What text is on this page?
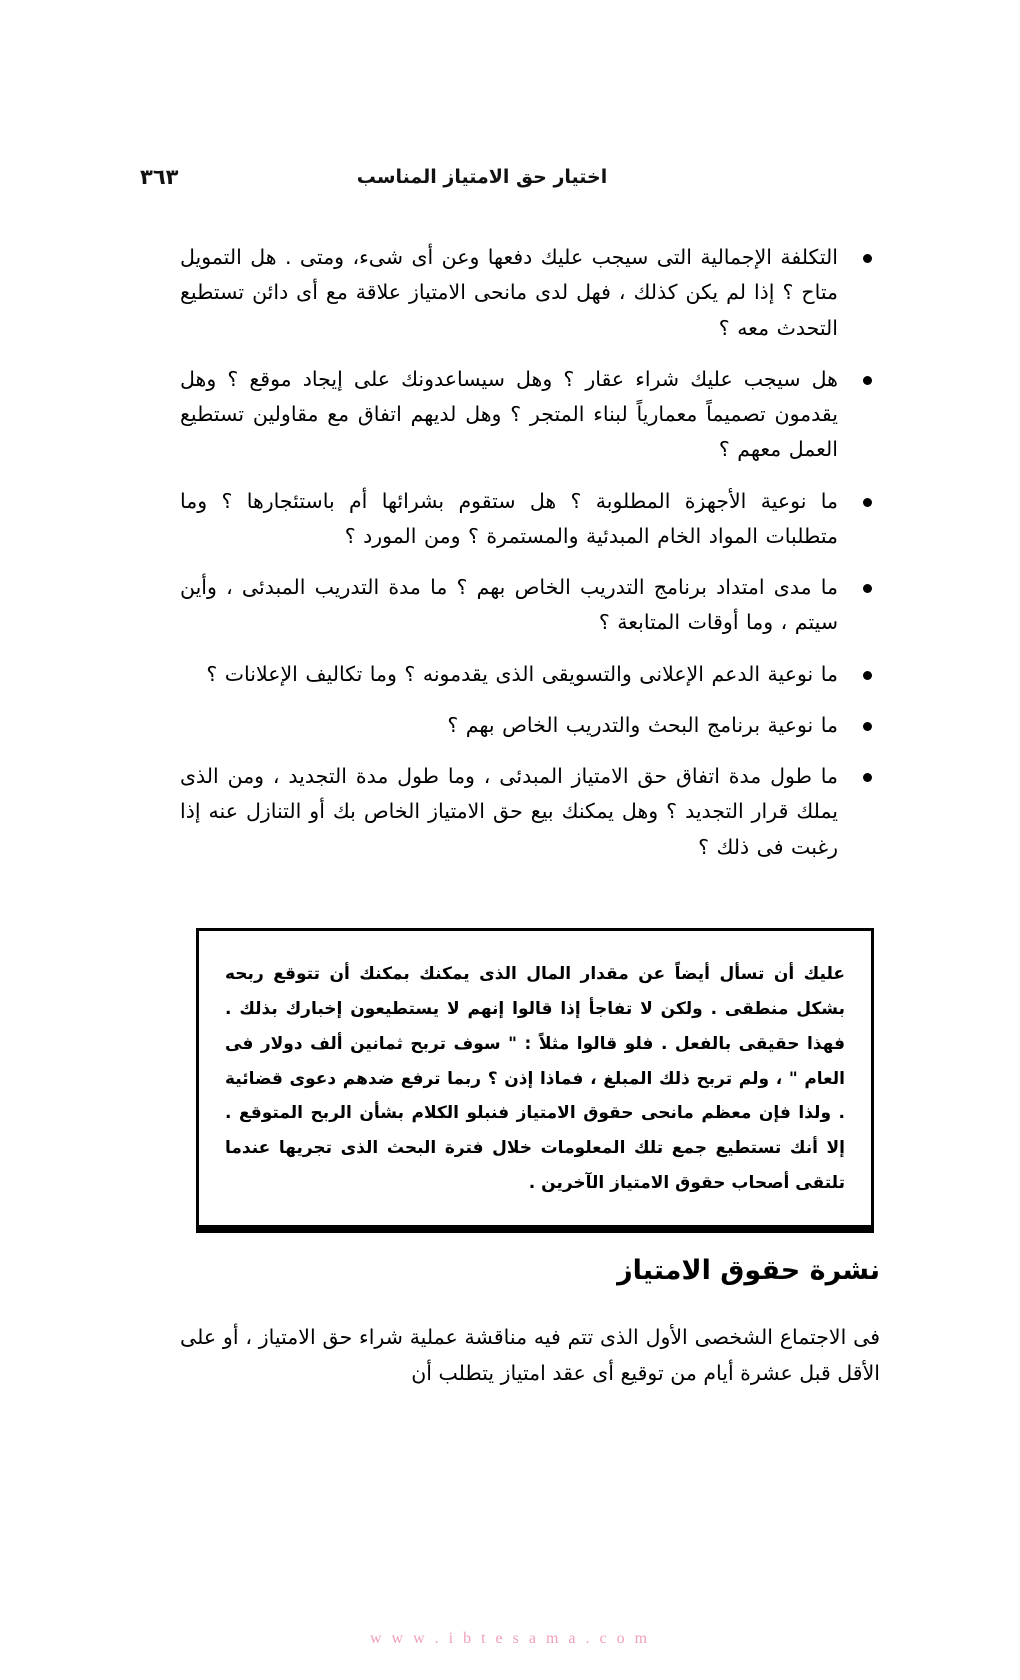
٣٦٣	اختيار حق الامتياز المناسب
التكلفة الإجمالية التى سيجب عليك دفعها وعن أى شىء، ومتى . هل التمويل متاح ؟ إذا لم يكن كذلك ، فهل لدى مانحى الامتياز علاقة مع أى دائن تستطيع التحدث معه ؟
هل سيجب عليك شراء عقار ؟ وهل سيساعدونك على إيجاد موقع ؟ وهل يقدمون تصميماً معمارياً لبناء المتجر ؟ وهل لديهم اتفاق مع مقاولين تستطيع العمل معهم ؟
ما نوعية الأجهزة المطلوبة ؟ هل ستقوم بشرائها أم باستئجارها ؟ وما متطلبات المواد الخام المبدئية والمستمرة ؟ ومن المورد ؟
ما مدى امتداد برنامج التدريب الخاص بهم ؟ ما مدة التدريب المبدئى ، وأين سيتم ، وما أوقات المتابعة ؟
ما نوعية الدعم الإعلانى والتسويقى الذى يقدمونه ؟ وما تكاليف الإعلانات ؟
ما نوعية برنامج البحث والتدريب الخاص بهم ؟
ما طول مدة اتفاق حق الامتياز المبدئى ، وما طول مدة التجديد ، ومن الذى يملك قرار التجديد ؟ وهل يمكنك بيع حق الامتياز الخاص بك أو التنازل عنه إذا رغبت فى ذلك ؟
عليك أن تسأل أيضاً عن مقدار المال الذى يمكنك بمكنك أن تتوقع ربحه بشكل منطقى . ولكن لا تفاجأ إذا قالوا إنهم لا يستطيعون إخبارك بذلك . فهذا حقيقى بالفعل . فلو قالوا مثلاً : " سوف تربح ثمانين ألف دولار فى العام " ، ولم تربح ذلك المبلغ ، فماذا إذن ؟ ربما ترفع ضدهم دعوى قضائية . ولذا فإن معظم مانحى حقوق الامتياز فنبلو الكلام بشأن الربح المتوقع . إلا أنك تستطيع جمع تلك المعلومات خلال فترة البحث الذى تجريها عندما تلتقى أصحاب حقوق الامتياز الآخرين .
نشرة حقوق الامتياز
فى الاجتماع الشخصى الأول الذى تتم فيه مناقشة عملية شراء حق الامتياز ، أو على الأقل قبل عشرة أيام من توقيع أى عقد امتياز يتطلب أن
w w w . i b t e s a m a . c o m
